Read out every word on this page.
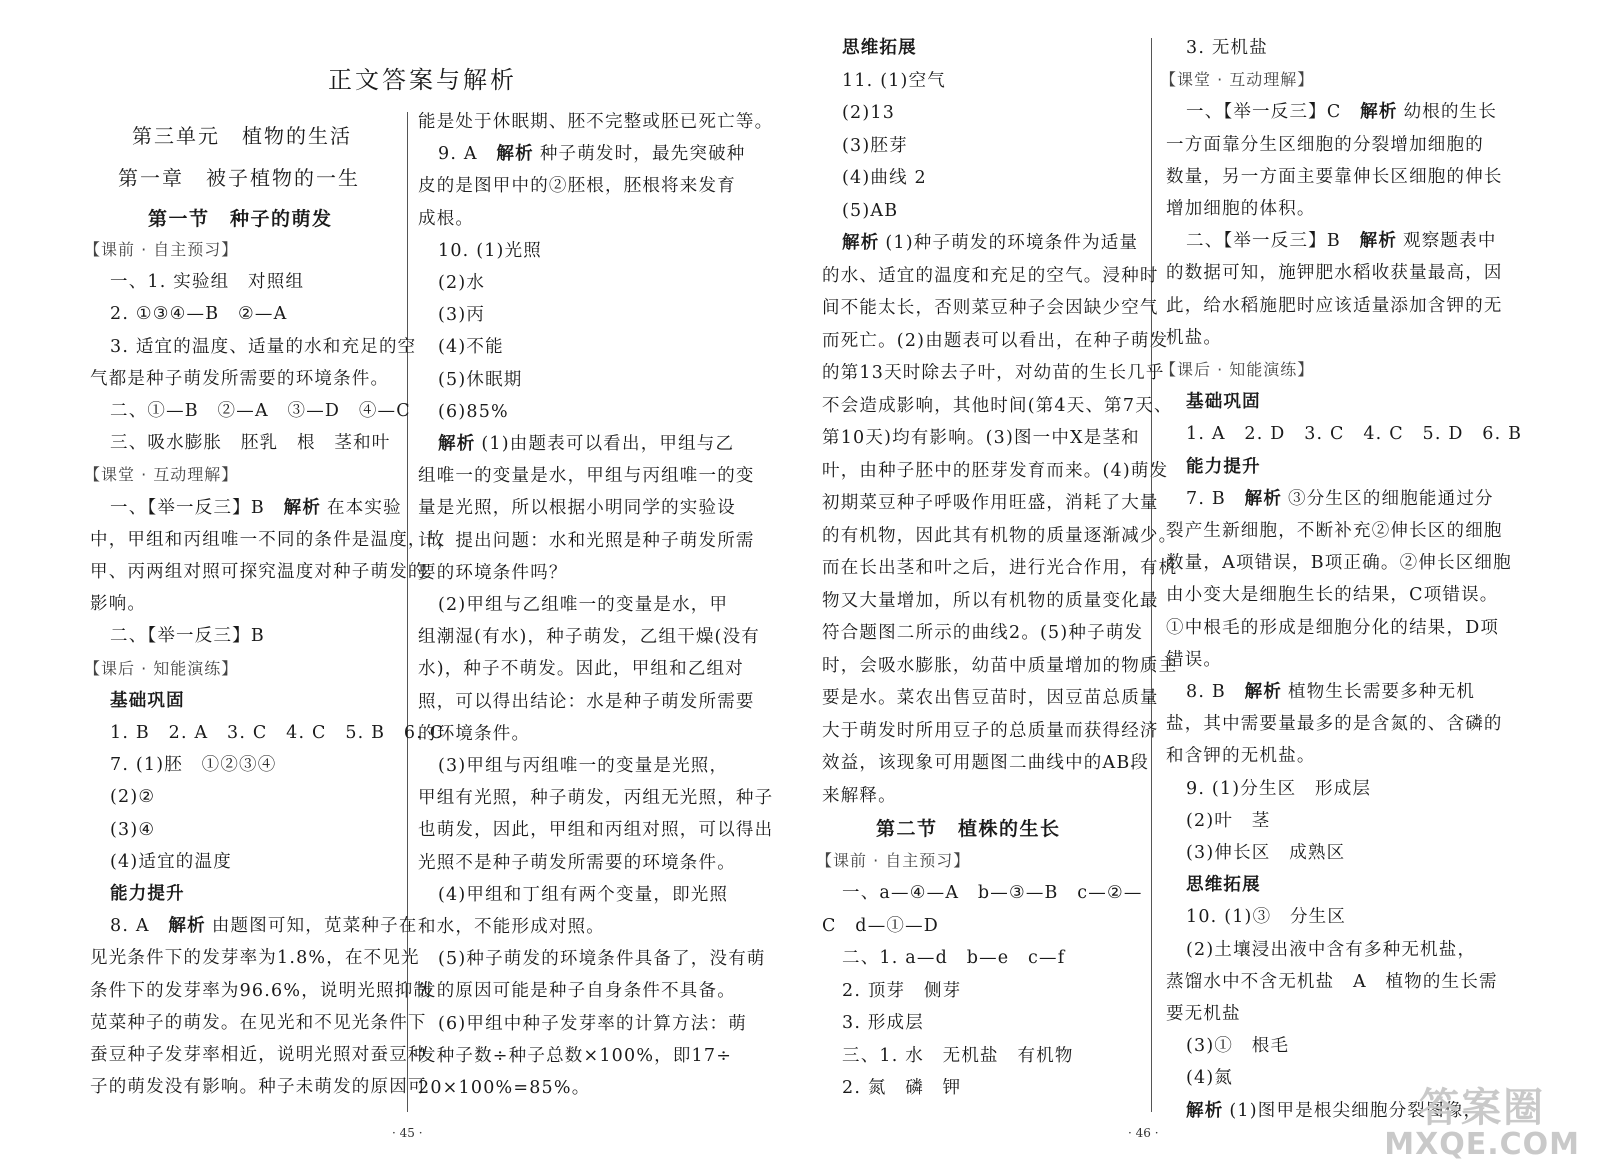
正文答案与解析
第三单元　植物的生活
第一章　被子植物的一生
第一节　种子的萌发
【课前 · 自主预习】
一、1. 实验组　对照组
2. ①③④—B　②—A
3. 适宜的温度、适量的水和充足的空
气都是种子萌发所需要的环境条件。
二、①—B　②—A　③—D　④—C
三、吸水膨胀　胚乳　根　茎和叶
【课堂 · 互动理解】
一、【举一反三】B　 解析 在本实验
中，甲组和丙组唯一不同的条件是温度，故
甲、丙两组对照可探究温度对种子萌发的
影响。
二、【举一反三】B
【课后 · 知能演练】
基础巩固
1. B　2. A　3. C　4. C　5. B　6. C
7. (1)胚　①②③④
(2)②
(3)④
(4)适宜的温度
能力提升
8. A　 解析 由题图可知，苋菜种子在
见光条件下的发芽率为1.8%，在不见光
条件下的发芽率为96.6%，说明光照抑制
苋菜种子的萌发。在见光和不见光条件下
蚕豆种子发芽率相近，说明光照对蚕豆种
子的萌发没有影响。种子未萌发的原因可
能是处于休眠期、胚不完整或胚已死亡等。
9. A　 解析 种子萌发时，最先突破种
皮的是图甲中的②胚根，胚根将来发育
成根。
10. (1)光照
(2)水
(3)丙
(4)不能
(5)休眠期
(6)85%
解析 (1)由题表可以看出，甲组与乙
组唯一的变量是水，甲组与丙组唯一的变
量是光照，所以根据小明同学的实验设
计，提出问题：水和光照是种子萌发所需
要的环境条件吗？
(2)甲组与乙组唯一的变量是水，甲
组潮湿(有水)，种子萌发，乙组干燥(没有
水)，种子不萌发。因此，甲组和乙组对
照，可以得出结论：水是种子萌发所需要
的环境条件。
(3)甲组与丙组唯一的变量是光照，
甲组有光照，种子萌发，丙组无光照，种子
也萌发，因此，甲组和丙组对照，可以得出
光照不是种子萌发所需要的环境条件。
(4)甲组和丁组有两个变量，即光照
和水，不能形成对照。
(5)种子萌发的环境条件具备了，没有萌
发的原因可能是种子自身条件不具备。
(6)甲组中种子发芽率的计算方法：萌
发种子数÷种子总数×100%，即17÷
20×100%=85%。
思维拓展
11. (1)空气
(2)13
(3)胚芽
(4)曲线 2
(5)AB
解析 (1)种子萌发的环境条件为适量
的水、适宜的温度和充足的空气。浸种时
间不能太长，否则菜豆种子会因缺少空气
而死亡。(2)由题表可以看出，在种子萌发
的第13天时除去子叶，对幼苗的生长几乎
不会造成影响，其他时间(第4天、第7天、
第10天)均有影响。(3)图一中X是茎和
叶，由种子胚中的胚芽发育而来。(4)萌发
初期菜豆种子呼吸作用旺盛，消耗了大量
的有机物，因此其有机物的质量逐渐减少。
而在长出茎和叶之后，进行光合作用，有机
物又大量增加，所以有机物的质量变化最
符合题图二所示的曲线2。(5)种子萌发
时，会吸水膨胀，幼苗中质量增加的物质主
要是水。菜农出售豆苗时，因豆苗总质量
大于萌发时所用豆子的总质量而获得经济
效益，该现象可用题图二曲线中的AB段
来解释。
第二节　植株的生长
【课前 · 自主预习】
一、a—④—A　b—③—B　c—②—
C　d—①—D
二、1. a—d　b—e　c—f
2. 顶芽　侧芽
3. 形成层
三、1. 水　无机盐　有机物
2. 氮　磷　钾
3. 无机盐
【课堂 · 互动理解】
一、【举一反三】C　 解析 幼根的生长
一方面靠分生区细胞的分裂增加细胞的
数量，另一方面主要靠伸长区细胞的伸长
增加细胞的体积。
二、【举一反三】B　 解析 观察题表中
的数据可知，施钾肥水稻收获量最高，因
此，给水稻施肥时应该适量添加含钾的无
机盐。
【课后 · 知能演练】
基础巩固
1. A　2. D　3. C　4. C　5. D　6. B
能力提升
7. B　 解析 ③分生区的细胞能通过分
裂产生新细胞，不断补充②伸长区的细胞
数量，A项错误，B项正确。②伸长区细胞
由小变大是细胞生长的结果，C项错误。
①中根毛的形成是细胞分化的结果，D项
错误。
8. B　 解析 植物生长需要多种无机
盐，其中需要量最多的是含氮的、含磷的
和含钾的无机盐。
9. (1)分生区　形成层
(2)叶　茎
(3)伸长区　成熟区
思维拓展
10. (1)③　分生区
(2)土壤浸出液中含有多种无机盐，
蒸馏水中不含无机盐　A　植物的生长需
要无机盐
(3)①　根毛
(4)氮
解析 (1)图甲是根尖细胞分裂图像，
· 45 ·	· 46 ·
答案圈
MXQE.COM
